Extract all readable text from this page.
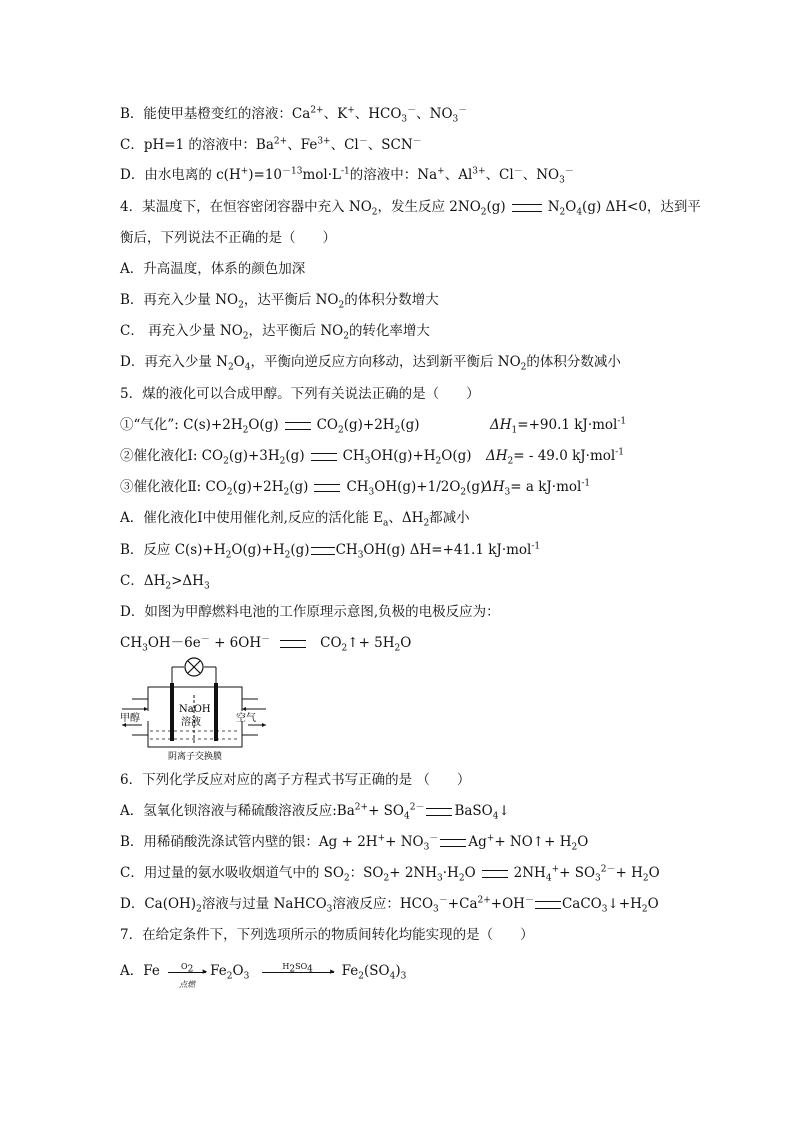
B．能使甲基橙变红的溶液：$Ca^{2+}$、K+、$HCO_3^-$、$NO_3^-$
C．pH=1 的溶液中：$Ba^{2+}$、$Fe^{3+}$、Cl－、SCN－
D．由水电离的 $c(H^+)=10^{-13}mol\cdot L^{-1}$的溶液中：Na+、$Al^{3+}$、Cl－、$NO_3^-$
4．某温度下，在恒容密闭容器中充入 $NO_2$，发生反应 $2NO_2(g)$	$N_2O_4(g)$ ΔH<0，达到平
衡后，下列说法不正确的是（　　）
A．升高温度，体系的颜色加深
B．再充入少量 $NO_2$，达平衡后 $NO_2$的体积分数增大
C． 再充入少量 $NO_2$，达平衡后 $NO_2$的转化率增大
D．再充入少量 $N_2O_4$，平衡向逆反应方向移动，达到新平衡后 $NO_2$的体积分数减小
5．煤的液化可以合成甲醇。下列有关说法正确的是（　　）
①“气化”: $C(s)+2H_2O(g)$	$CO_2(g)+2H_2(g)$	$\Delta H_1=+90.1$ kJ·mol$^{-1}$
②催化液化Ⅰ: $CO_2(g)+3H_2(g)$	$CH_3OH(g)+H_2O(g)$ $\Delta H_2= - 49.0$ kJ·mol$^{-1}$
③催化液化Ⅱ: $CO_2(g)+2H_2(g)$	$CH_3OH(g)+1/2O_2(g)$
$\Delta H_3= a$ kJ·mol$^{-1}$
A．催化液化Ⅰ中使用催化剂,反应的活化能 $E_a$、$\Delta H_2$都减小
B．反应 $C(s)+H_2O(g)+H_2(g)$ $CH_3OH(g)$ ΔH=+41.1 kJ·mol$^{-1}$
C．$\Delta H_2>\Delta H_3$
D．如图为甲醇燃料电池的工作原理示意图,负极的电极反应为：
$CH_3OH-6e^- + 6OH^-$	$CO_2↑+ 5H_2O$
甲醇	空气
NaOH
溶液
阴离子交换膜
6．下列化学反应对应的离子方程式书写正确的是 （　　）
A．氢氧化钡溶液与稀硫酸溶液反应$:Ba^{2+}+ SO_4^{2-}$ BaSO$_4$↓
B．用稀硝酸洗涤试管内壁的银：$Ag + 2H^++ NO_3^-$ Ag++ NO↑+ $H_2O$
C．用过量的氨水吸收烟道气中的 $SO_2$：$SO_2+ 2NH_3\cdot H_2O$	$2NH_4^++ SO_3^{2-}+ H_2O$
D．$Ca(OH)_2$溶液与过量 NaHCO$_3$溶液反应：$HCO_3^-+Ca^{2+}+OH^-$ $CaCO_3↓+H_2O$
7．在给定条件下，下列选项所示的物质间转化均能实现的是（　　）
A．Fe	$O_2$	▸
点燃
$Fe_2O_3$
$H_2SO_4$	▸ $Fe_2(SO_4)_3$
